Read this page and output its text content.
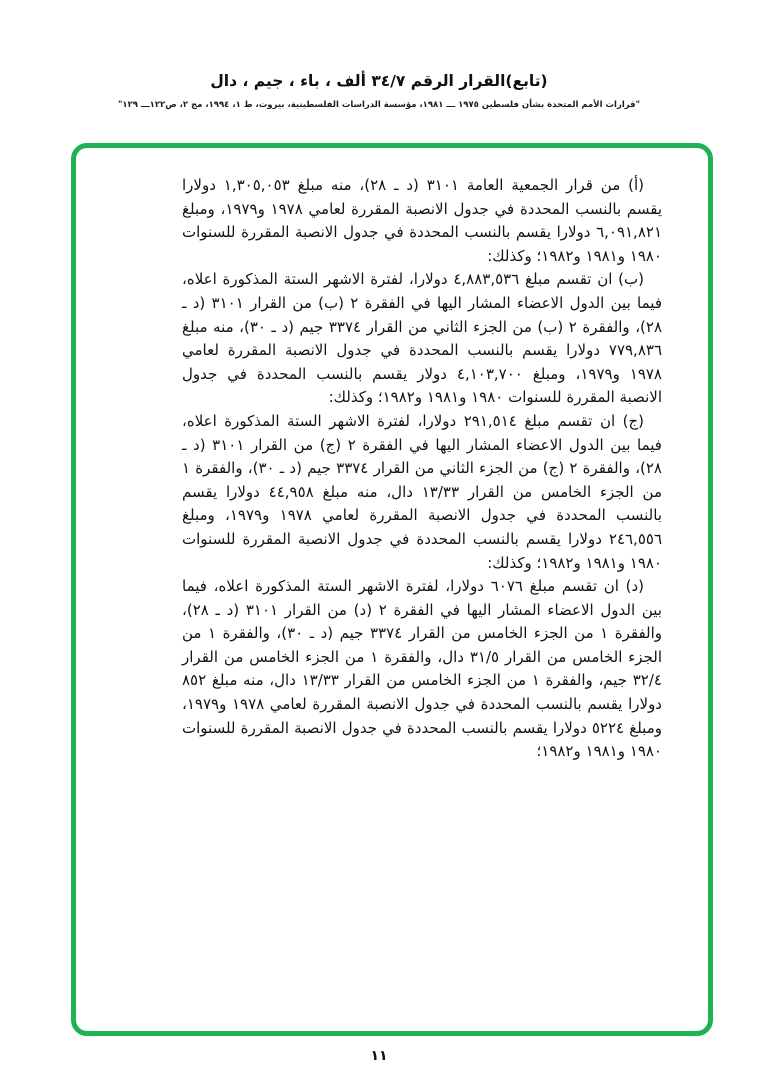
(تابع)القرار الرقم ٣٤/٧ ألف ، باء ، جيم ، دال
"قرارات الأمم المتحدة بشأن فلسطين ١٩٧٥ ـــ ١٩٨١، مؤسسة الدراسات الفلسطينية، بيروت، ط ١، ١٩٩٤، مج ٢، ص١٢٢ـــ ١٢٩"

(أ) من قرار الجمعية العامة ٣١٠١ (د ـ ٢٨)، منه مبلغ ١,٣٠٥,٠٥٣ دولارا يقسم بالنسب المحددة في جدول الانصبة المقررة لعامي ١٩٧٨ و١٩٧٩، ومبلغ ٦,٠٩١,٨٢١ دولارا يقسم بالنسب المحددة في جدول الانصبة المقررة للسنوات ١٩٨٠ و١٩٨١ و١٩٨٢؛ وكذلك:

(ب) ان تقسم مبلغ ٤,٨٨٣,٥٣٦ دولارا، لفترة الاشهر الستة المذكورة اعلاه، فيما بين الدول الاعضاء المشار اليها في الفقرة ٢ (ب) من القرار ٣١٠١ (د ـ ٢٨)، والفقرة ٢ (ب) من الجزء الثاني من القرار ٣٣٧٤ جيم (د ـ ٣٠)، منه مبلغ ٧٧٩,٨٣٦ دولارا يقسم بالنسب المحددة في جدول الانصبة المقررة لعامي ١٩٧٨ و١٩٧٩، ومبلغ ٤,١٠٣,٧٠٠ دولار يقسم بالنسب المحددة في جدول الانصبة المقررة للسنوات ١٩٨٠ و١٩٨١ و١٩٨٢؛ وكذلك:

(ج) ان تقسم مبلغ ٢٩١,٥١٤ دولارا، لفترة الاشهر الستة المذكورة اعلاه، فيما بين الدول الاعضاء المشار اليها في الفقرة ٢ (ج) من القرار ٣١٠١ (د ـ ٢٨)، والفقرة ٢ (ج) من الجزء الثاني من القرار ٣٣٧٤ جيم (د ـ ٣٠)، والفقرة ١ من الجزء الخامس من القرار ١٣/٣٣ دال، منه مبلغ ٤٤,٩٥٨ دولارا يقسم بالنسب المحددة في جدول الانصبة المقررة لعامي ١٩٧٨ و١٩٧٩، ومبلغ ٢٤٦,٥٥٦ دولارا يقسم بالنسب المحددة في جدول الانصبة المقررة للسنوات ١٩٨٠ و١٩٨١ و١٩٨٢؛ وكذلك:

(د) ان تقسم مبلغ ٦٠٧٦ دولارا، لفترة الاشهر الستة المذكورة اعلاه، فيما بين الدول الاعضاء المشار اليها في الفقرة ٢ (د) من القرار ٣١٠١ (د ـ ٢٨)، والفقرة ١ من الجزء الخامس من القرار ٣٣٧٤ جيم (د ـ ٣٠)، والفقرة ١ من الجزء الخامس من القرار ٣١/٥ دال، والفقرة ١ من الجزء الخامس من القرار ٣٢/٤ جيم، والفقرة ١ من الجزء الخامس من القرار ١٣/٣٣ دال، منه مبلغ ٨٥٢ دولارا يقسم بالنسب المحددة في جدول الانصبة المقررة لعامي ١٩٧٨ و١٩٧٩، ومبلغ ٥٢٢٤ دولارا يقسم بالنسب المحددة في جدول الانصبة المقررة للسنوات ١٩٨٠ و١٩٨١ و١٩٨٢؛

١١
